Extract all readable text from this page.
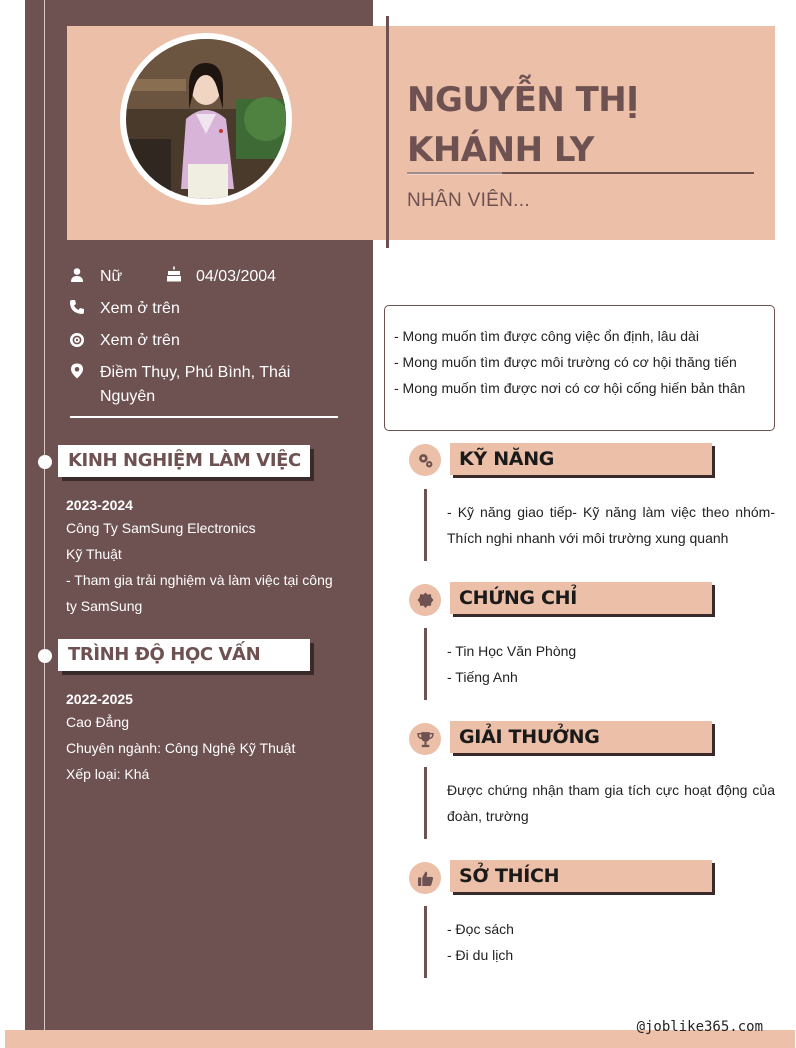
@joblike365.com
NGUYỄN THỊ KHÁNH LY
NHÂN VIÊN...
Nữ	04/03/2004
Xem ở trên
Xem ở trên
Điềm Thụy, Phú Bình, Thái Nguyên
KINH NGHIỆM LÀM VIỆC
2023-2024
Công Ty SamSung Electronics
Kỹ Thuật
- Tham gia trải nghiệm và làm việc tại công ty SamSung
TRÌNH ĐỘ HỌC VẤN
2022-2025
Cao Đẳng
Chuyên ngành: Công Nghệ Kỹ Thuật
Xếp loại: Khá
- Mong muốn tìm được công việc ổn định, lâu dài
- Mong muốn tìm được môi trường có cơ hội thăng tiến
- Mong muốn tìm được nơi có cơ hội cống hiến bản thân
KỸ NĂNG
- Kỹ năng giao tiếp- Kỹ năng làm việc theo nhóm- Thích nghi nhanh với môi trường xung quanh
CHỨNG CHỈ
- Tin Học Văn Phòng
- Tiếng Anh
GIẢI THƯỞNG
Được chứng nhận tham gia tích cực hoạt động của đoàn, trường
SỞ THÍCH
- Đọc sách
- Đi du lịch
